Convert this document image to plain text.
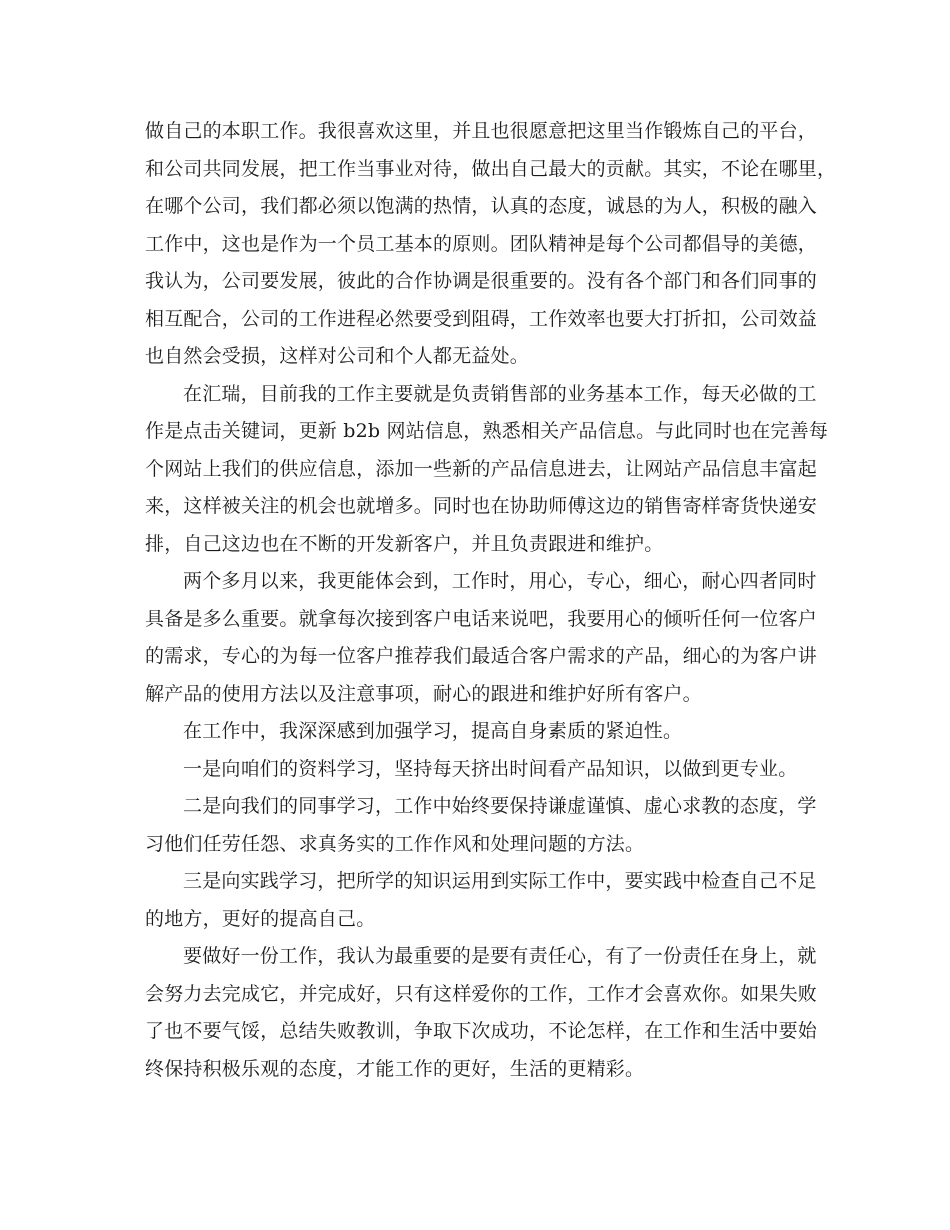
做自己的本职工作。我很喜欢这里，并且也很愿意把这里当作锻炼自己的平台，
和公司共同发展，把工作当事业对待，做出自己最大的贡献。其实，不论在哪里，
在哪个公司，我们都必须以饱满的热情，认真的态度，诚恳的为人，积极的融入
工作中，这也是作为一个员工基本的原则。团队精神是每个公司都倡导的美德，
我认为，公司要发展，彼此的合作协调是很重要的。没有各个部门和各们同事的
相互配合，公司的工作进程必然要受到阻碍，工作效率也要大打折扣，公司效益
也自然会受损，这样对公司和个人都无益处。
在汇瑞，目前我的工作主要就是负责销售部的业务基本工作，每天必做的工
作是点击关键词，更新 b2b 网站信息，熟悉相关产品信息。与此同时也在完善每
个网站上我们的供应信息，添加一些新的产品信息进去，让网站产品信息丰富起
来，这样被关注的机会也就增多。同时也在协助师傅这边的销售寄样寄货快递安
排，自己这边也在不断的开发新客户，并且负责跟进和维护。
两个多月以来，我更能体会到，工作时，用心，专心，细心，耐心四者同时
具备是多么重要。就拿每次接到客户电话来说吧，我要用心的倾听任何一位客户
的需求，专心的为每一位客户推荐我们最适合客户需求的产品，细心的为客户讲
解产品的使用方法以及注意事项，耐心的跟进和维护好所有客户。
在工作中，我深深感到加强学习，提高自身素质的紧迫性。
一是向咱们的资料学习，坚持每天挤出时间看产品知识，以做到更专业。
二是向我们的同事学习，工作中始终要保持谦虚谨慎、虚心求教的态度，学
习他们任劳任怨、求真务实的工作作风和处理问题的方法。
三是向实践学习，把所学的知识运用到实际工作中，要实践中检查自己不足
的地方，更好的提高自己。
要做好一份工作，我认为最重要的是要有责任心，有了一份责任在身上，就
会努力去完成它，并完成好，只有这样爱你的工作，工作才会喜欢你。如果失败
了也不要气馁，总结失败教训，争取下次成功，不论怎样，在工作和生活中要始
终保持积极乐观的态度，才能工作的更好，生活的更精彩。
